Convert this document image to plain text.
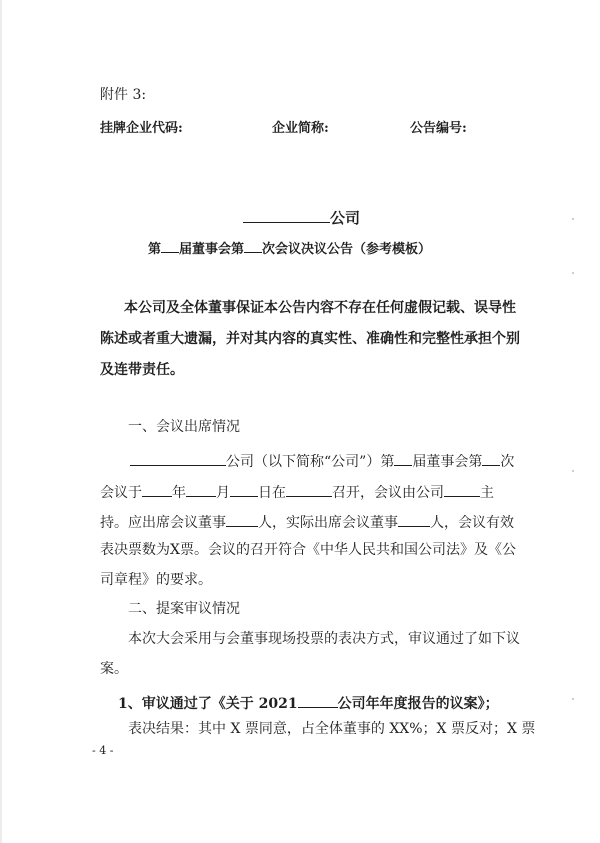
附件 3:
挂牌企业代码:	企业简称:	公告编号:
公司
第 届董事会第 次会议决议公告（参考模板）
本公司及全体董事保证本公告内容不存在任何虚假记载、误导性
陈述或者重大遗漏，并对其内容的真实性、准确性和完整性承担个别
及连带责任。
一、会议出席情况
公司（以下简称“公司”）第 届董事会第 次
会议于 年 月 日在	召开，会议由公司	主
持。应出席会议董事 人，实际出席会议董事 人，会议有效
表决票数为X票。会议的召开符合《中华人民共和国公司法》及《公
司章程》的要求。
二、提案审议情况
本次大会采用与会董事现场投票的表决方式，审议通过了如下议
案。
1、审议通过了《关于 2021	公司年年度报告的议案》；
表决结果：其中 X 票同意，占全体董事的 XX%；X 票反对；X 票
- 4 -
